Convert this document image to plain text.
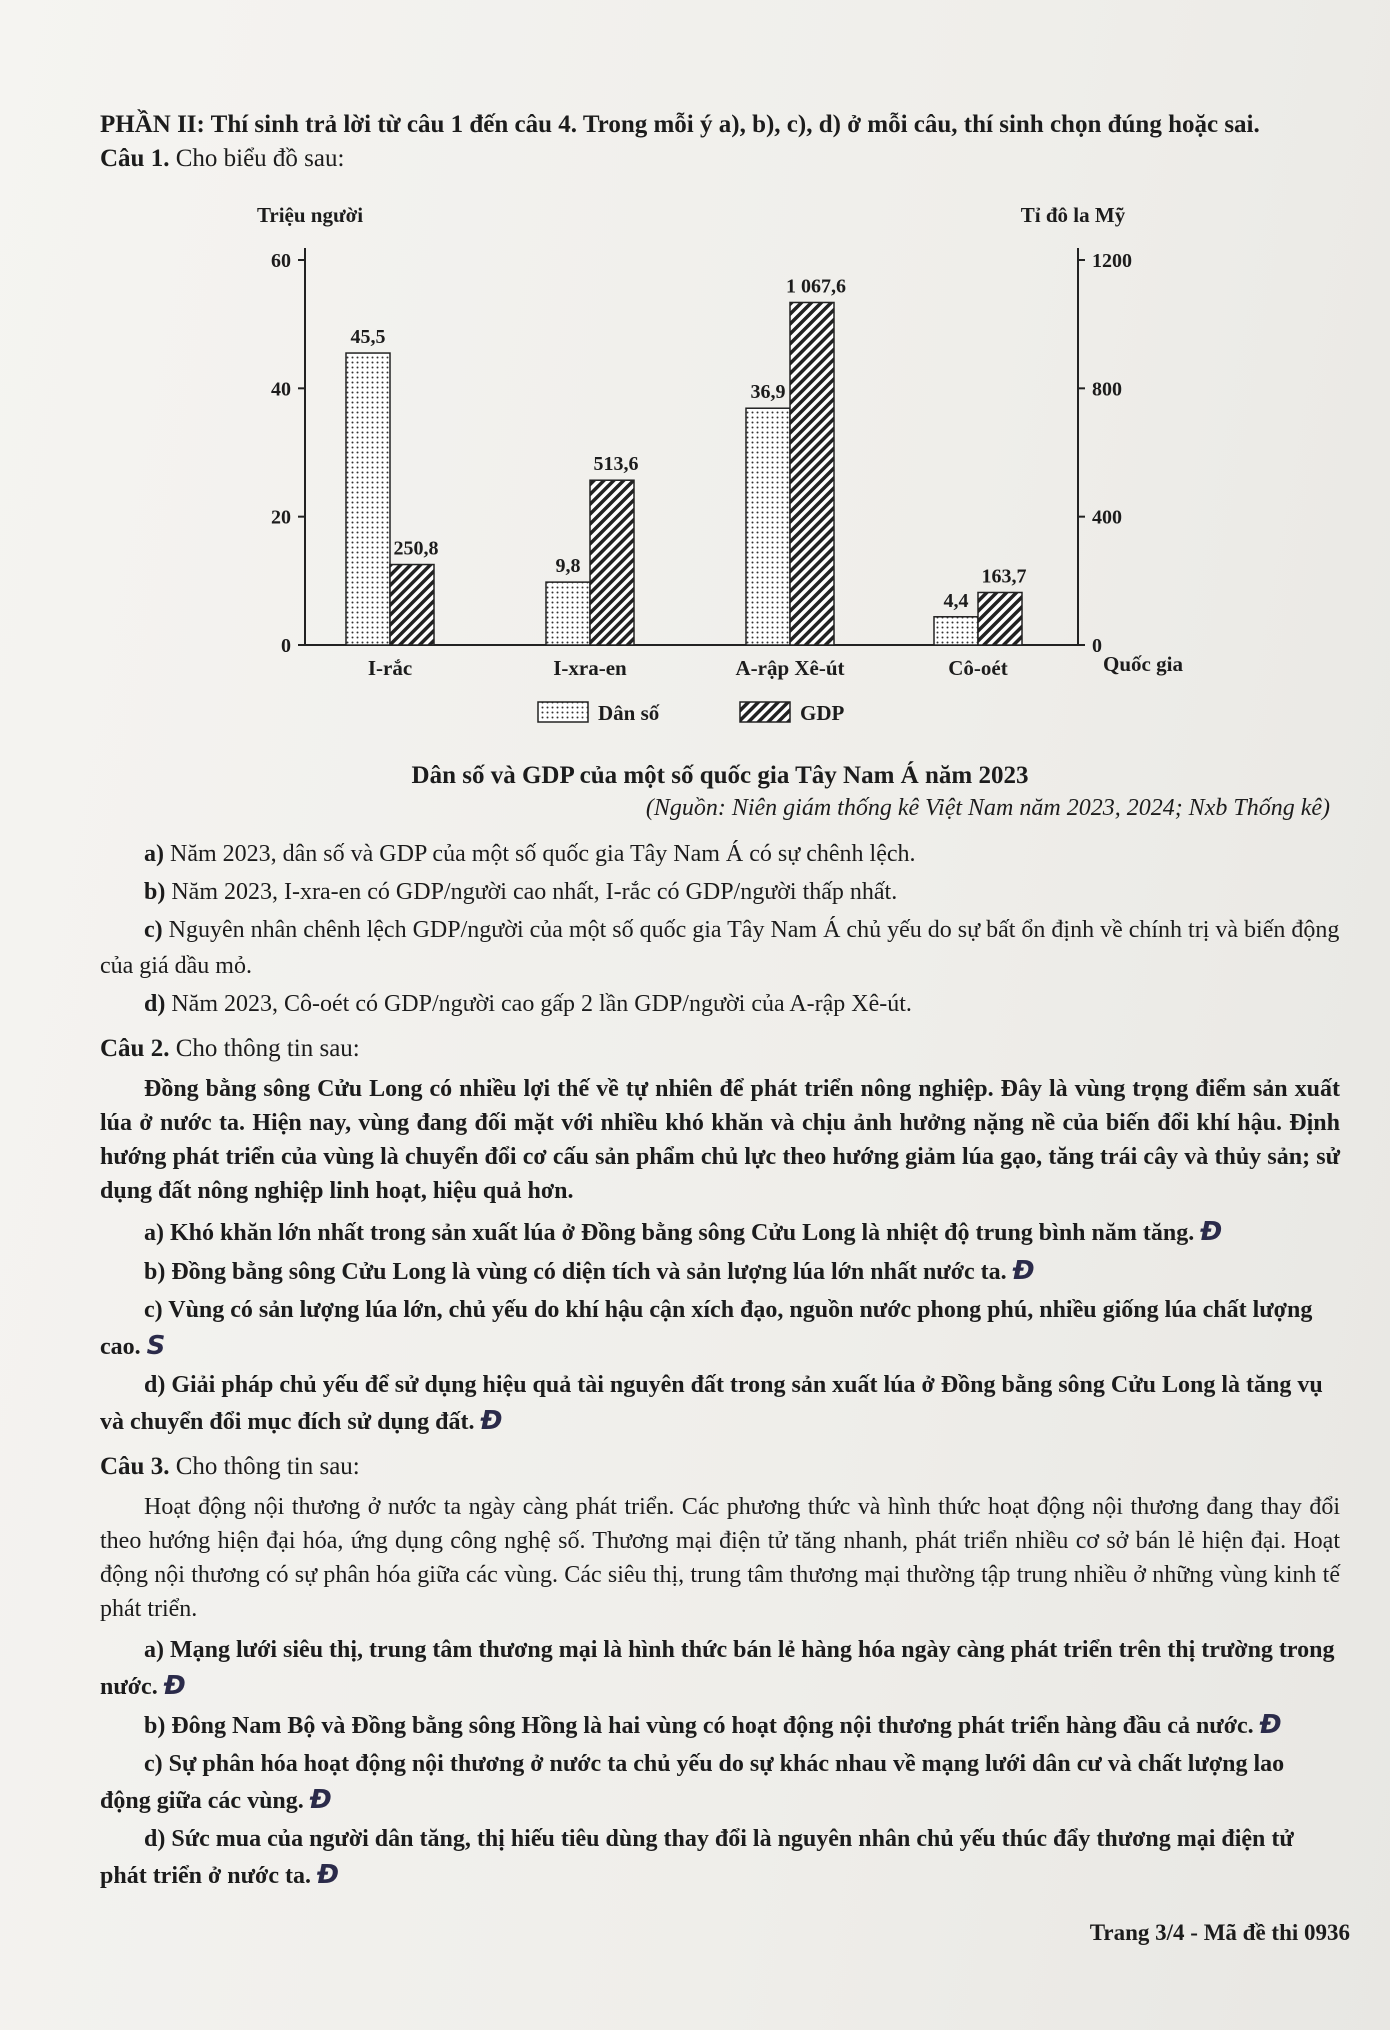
PHẦN II: Thí sinh trả lời từ câu 1 đến câu 4. Trong mỗi ý a), b), c), d) ở mỗi câu, thí sinh chọn đúng hoặc sai.

Câu 1. Cho biểu đồ sau:

Triệu người	Tỉ đô la Mỹ
Quốc gia
0
20
40
60
0
400
800
1200
45,5
250,8
I-rắc
9,8
513,6
I-xra-en
36,9
1 067,6
A-rập Xê-út
4,4
163,7
Cô-oét
Dân số	GDP

Dân số và GDP của một số quốc gia Tây Nam Á năm 2023

(Nguồn: Niên giám thống kê Việt Nam năm 2023, 2024; Nxb Thống kê)

a) Năm 2023, dân số và GDP của một số quốc gia Tây Nam Á có sự chênh lệch.

b) Năm 2023, I-xra-en có GDP/người cao nhất, I-rắc có GDP/người thấp nhất.

c) Nguyên nhân chênh lệch GDP/người của một số quốc gia Tây Nam Á chủ yếu do sự bất ổn định về chính trị và biến động của giá dầu mỏ.

d) Năm 2023, Cô-oét có GDP/người cao gấp 2 lần GDP/người của A-rập Xê-út.

Câu 2. Cho thông tin sau:

Đồng bằng sông Cửu Long có nhiều lợi thế về tự nhiên để phát triển nông nghiệp. Đây là vùng trọng điểm sản xuất lúa ở nước ta. Hiện nay, vùng đang đối mặt với nhiều khó khăn và chịu ảnh hưởng nặng nề của biến đổi khí hậu. Định hướng phát triển của vùng là chuyển đổi cơ cấu sản phẩm chủ lực theo hướng giảm lúa gạo, tăng trái cây và thủy sản; sử dụng đất nông nghiệp linh hoạt, hiệu quả hơn.

a) Khó khăn lớn nhất trong sản xuất lúa ở Đồng bằng sông Cửu Long là nhiệt độ trung bình năm tăng. Đ

b) Đồng bằng sông Cửu Long là vùng có diện tích và sản lượng lúa lớn nhất nước ta. Đ

c) Vùng có sản lượng lúa lớn, chủ yếu do khí hậu cận xích đạo, nguồn nước phong phú, nhiều giống lúa chất lượng cao. S

d) Giải pháp chủ yếu để sử dụng hiệu quả tài nguyên đất trong sản xuất lúa ở Đồng bằng sông Cửu Long là tăng vụ và chuyển đổi mục đích sử dụng đất. Đ

Câu 3. Cho thông tin sau:

Hoạt động nội thương ở nước ta ngày càng phát triển. Các phương thức và hình thức hoạt động nội thương đang thay đổi theo hướng hiện đại hóa, ứng dụng công nghệ số. Thương mại điện tử tăng nhanh, phát triển nhiều cơ sở bán lẻ hiện đại. Hoạt động nội thương có sự phân hóa giữa các vùng. Các siêu thị, trung tâm thương mại thường tập trung nhiều ở những vùng kinh tế phát triển.

a) Mạng lưới siêu thị, trung tâm thương mại là hình thức bán lẻ hàng hóa ngày càng phát triển trên thị trường trong nước. Đ

b) Đông Nam Bộ và Đồng bằng sông Hồng là hai vùng có hoạt động nội thương phát triển hàng đầu cả nước. Đ

c) Sự phân hóa hoạt động nội thương ở nước ta chủ yếu do sự khác nhau về mạng lưới dân cư và chất lượng lao động giữa các vùng. Đ

d) Sức mua của người dân tăng, thị hiếu tiêu dùng thay đổi là nguyên nhân chủ yếu thúc đẩy thương mại điện tử phát triển ở nước ta. Đ

Trang 3/4 - Mã đề thi 0936
